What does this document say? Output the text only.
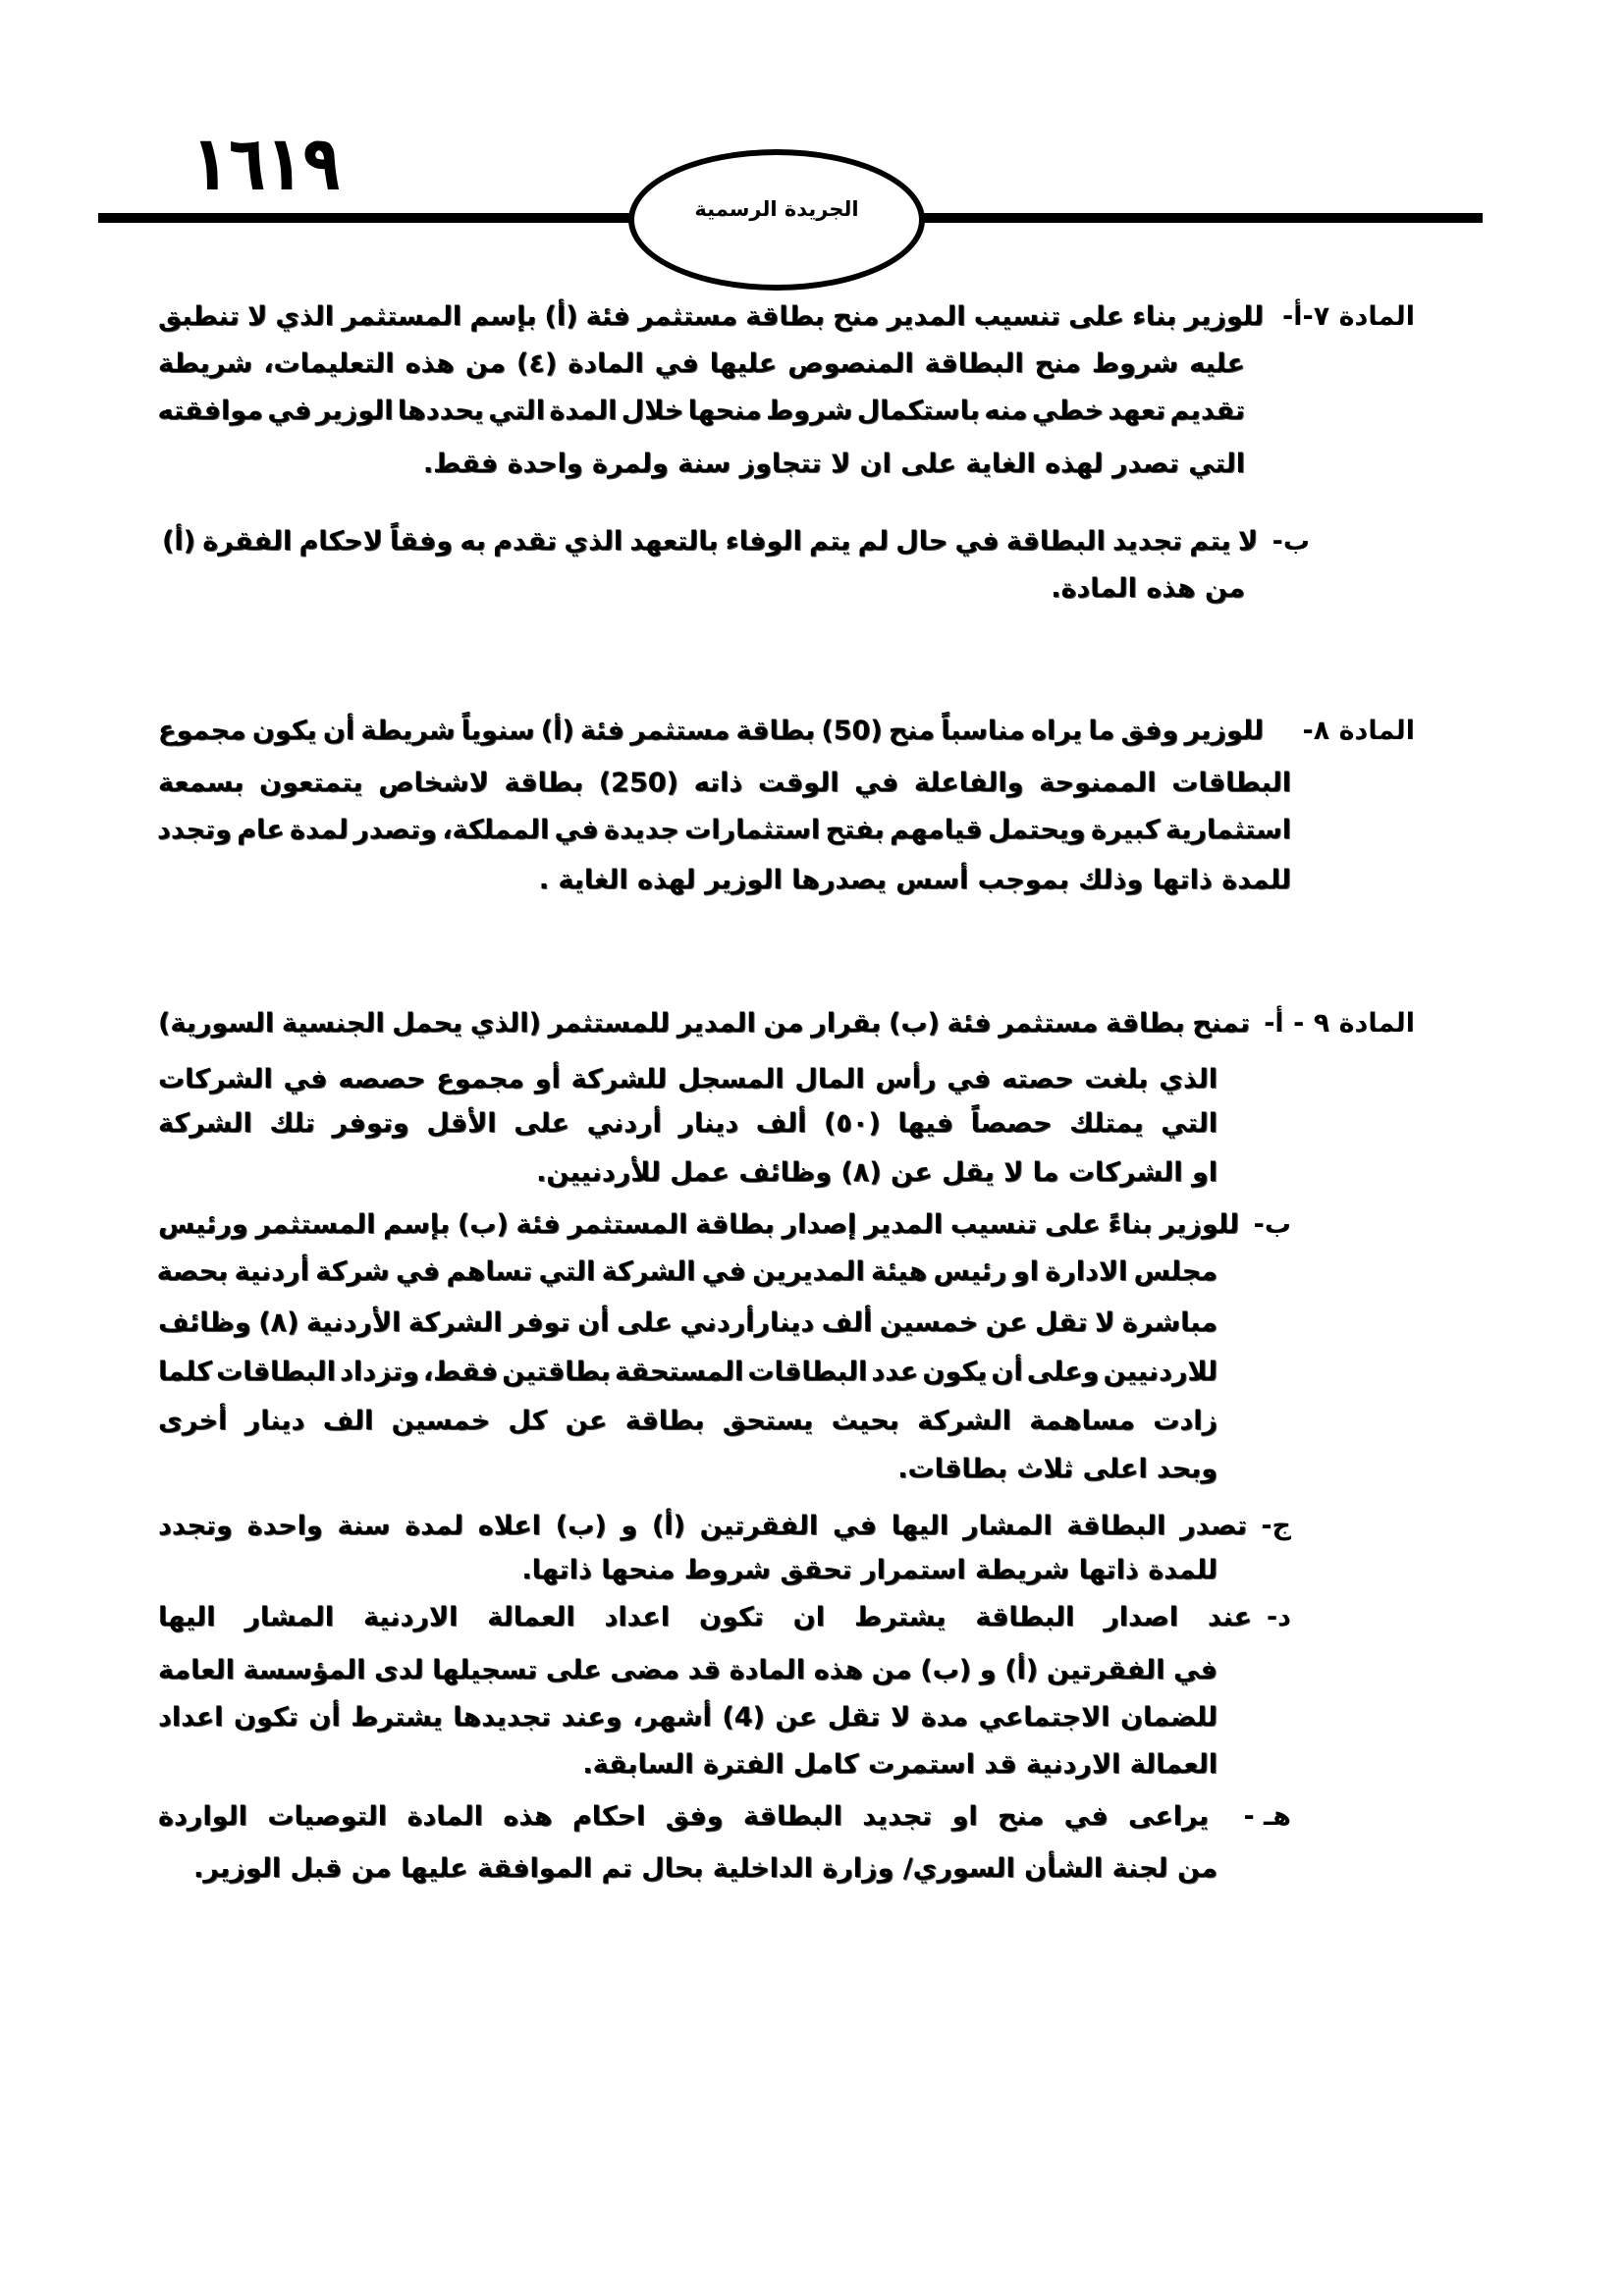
١٦١٩
الجريدة الرسمية
المادة ٧-أ-
للوزير بناء على تنسيب المدير منح بطاقة مستثمر فئة (أ) بإسم المستثمر الذي لا تنطبق
عليه شروط منح البطاقة المنصوص عليها في المادة (٤) من هذه التعليمات، شريطة
تقديم تعهد خطي منه باستكمال شروط منحها خلال المدة التي يحددها الوزير في موافقته
التي تصدر لهذه الغاية على ان لا تتجاوز سنة ولمرة واحدة فقط.
ب-
لا يتم تجديد البطاقة في حال لم يتم الوفاء بالتعهد الذي تقدم به وفقاً لاحكام الفقرة (أ)
من هذه المادة.
المادة ٨-
للوزير وفق ما يراه مناسباً منح (50) بطاقة مستثمر فئة (أ) سنوياً شريطة أن يكون مجموع
البطاقات الممنوحة والفاعلة في الوقت ذاته (250) بطاقة لاشخاص يتمتعون بسمعة
استثمارية كبيرة ويحتمل قيامهم بفتح استثمارات جديدة في المملكة، وتصدر لمدة عام وتجدد
للمدة ذاتها وذلك بموجب أسس يصدرها الوزير لهذه الغاية .
المادة ٩ - أ-
تمنح بطاقة مستثمر فئة (ب) بقرار من المدير للمستثمر (الذي يحمل الجنسية السورية)
الذي بلغت حصته في رأس المال المسجل للشركة أو مجموع حصصه في الشركات
التي يمتلك حصصاً فيها (٥٠) ألف دينار أردني على الأقل وتوفر تلك الشركة
او الشركات ما لا يقل عن (٨) وظائف عمل للأردنيين.
ب-
للوزير بناءً على تنسيب المدير إصدار بطاقة المستثمر فئة (ب) بإسم المستثمر ورئيس
مجلس الادارة او رئيس هيئة المديرين في الشركة التي تساهم في شركة أردنية بحصة
مباشرة لا تقل عن خمسين ألف دينارأردني على أن توفر الشركة الأردنية (٨) وظائف
للاردنيين وعلى أن يكون عدد البطاقات المستحقة بطاقتين فقط، وتزداد البطاقات كلما
زادت مساهمة الشركة بحيث يستحق بطاقة عن كل خمسين الف دينار أخرى
وبحد اعلى ثلاث بطاقات.
ج-
تصدر البطاقة المشار اليها في الفقرتين (أ) و (ب) اعلاه لمدة سنة واحدة وتجدد
للمدة ذاتها شريطة استمرار تحقق شروط منحها ذاتها.
د-
عند اصدار البطاقة يشترط ان تكون اعداد العمالة الاردنية المشار اليها
في الفقرتين (أ) و (ب) من هذه المادة قد مضى على تسجيلها لدى المؤسسة العامة
للضمان الاجتماعي مدة لا تقل عن (4) أشهر، وعند تجديدها يشترط أن تكون اعداد
العمالة الاردنية قد استمرت كامل الفترة السابقة.
هـ -
يراعى في منح او تجديد البطاقة وفق احكام هذه المادة التوصيات الواردة
من لجنة الشأن السوري/ وزارة الداخلية بحال تم الموافقة عليها من قبل الوزير.
